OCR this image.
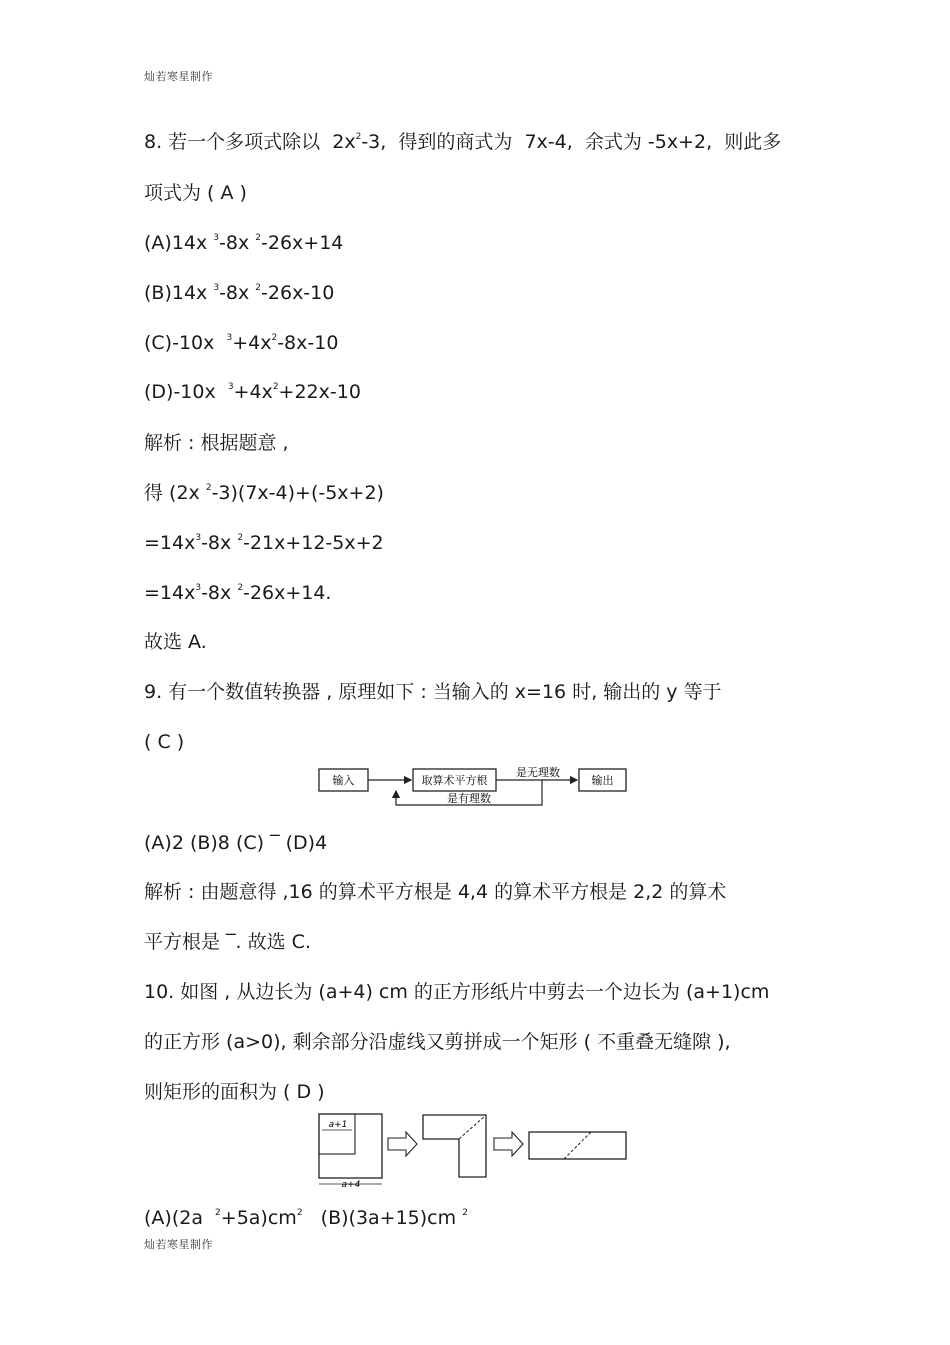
灿若寒星制作
8. 若一个多项式除以  $2x^2-3$,  得到的商式为  7x-4,  余式为 -5x+2,  则此多
项式为 ( A )
(A)14x $^3$-8x $^2$-26x+14
(B)14x $^3$-8x $^2$-26x-10
(C)-10x  $^3+4x^2-8x-10$
(D)-10x  $^3+4x^2+22x-10$
解析 : 根据题意 ,
得 (2x $^2$-3)(7x-4)+(-5x+2)
$=14x^3-8x$ $^2$-21x+12-5x+2
$=14x^3-8x$ $^2$-26x+14.
故选 A.
9. 有一个数值转换器 , 原理如下 : 当输入的 x=16 时, 输出的 y 等于
( C )
输入	取算术平方根
是无理数
输出
是有理数
(A)2 (B)8 (C) ‾ (D)4
解析 : 由题意得 ,16 的算术平方根是 4,4 的算术平方根是 2,2 的算术
平方根是 ‾. 故选 C.
10. 如图 , 从边长为 (a+4) cm 的正方形纸片中剪去一个边长为 (a+1)cm
的正方形 (a>0), 剩余部分沿虚线又剪拼成一个矩形 ( 不重叠无缝隙 ),
则矩形的面积为 ( D )
a+1
a+4
(A)(2a  $^2+5a)cm^2$   (B)(3a+15)cm $^2$
灿若寒星制作
